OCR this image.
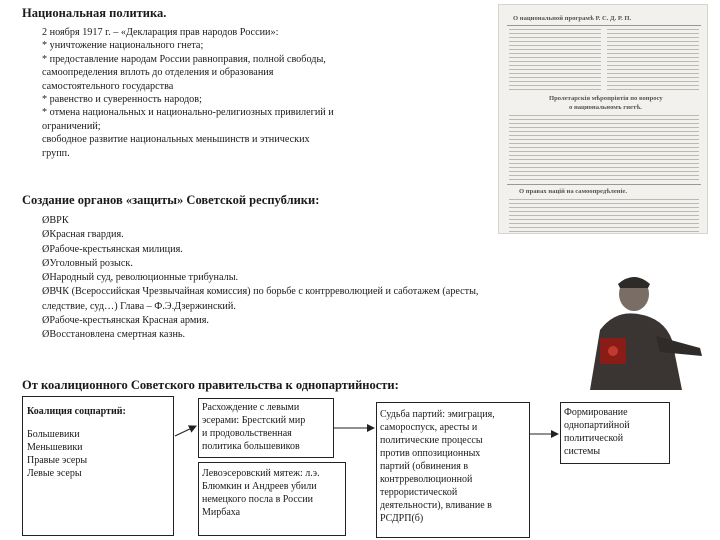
Национальная политика.
2 ноября 1917 г. – «Декларация прав народов России»:
* уничтожение национального гнета;
* предоставление народам России равноправия, полной свободы,
самоопределения вплоть до отделения и образования
самостоятельного государства
* равенство и суверенность народов;
* отмена национальных и национально-религиозных привилегий и
ограничений;
свободное развитие национальных меньшинств и этнических
групп.
О национальной програмѣ Р. С. Д. Р. П.
Пролетарскія мѣропріятія по вопросу
о национальномъ гнетѣ.
О праваx націй на самоопредѣленіе.
Создание органов «защиты» Советской республики:
ØВРК
ØКрасная гвардия.
ØРабоче-крестьянская милиция.
ØУголовный розыск.
ØНародный суд, революционные трибуналы.
ØВЧК (Всероссийская Чрезвычайная комиссия) по борьбе с контрреволюцией и саботажем (аресты,
следствие, суд…) Глава – Ф.Э.Дзержинский.
ØРабоче-крестьянская Красная армия.
ØВосстановлена смертная казнь.
От коалиционного Советского правительства к однопартийности:
Коалиция соцпартий:
Большевики
Меньшевики
Правые эсеры
Левые эсеры
Расхождение с левыми
эсерами: Брестский мир
и продовольственная
политика большевиков
Левоэсеровский мятеж: л.э.
Блюмкин и Андреев убили
немецкого посла в России
Мирбаха
Судьба партий: эмиграция,
самороспуск, аресты и
политические процессы
против оппозиционных
партий (обвинения в
контрреволюционной
террористической
деятельности), вливание в
РСДРП(б)
Формирование
однопартийной
политической
системы
